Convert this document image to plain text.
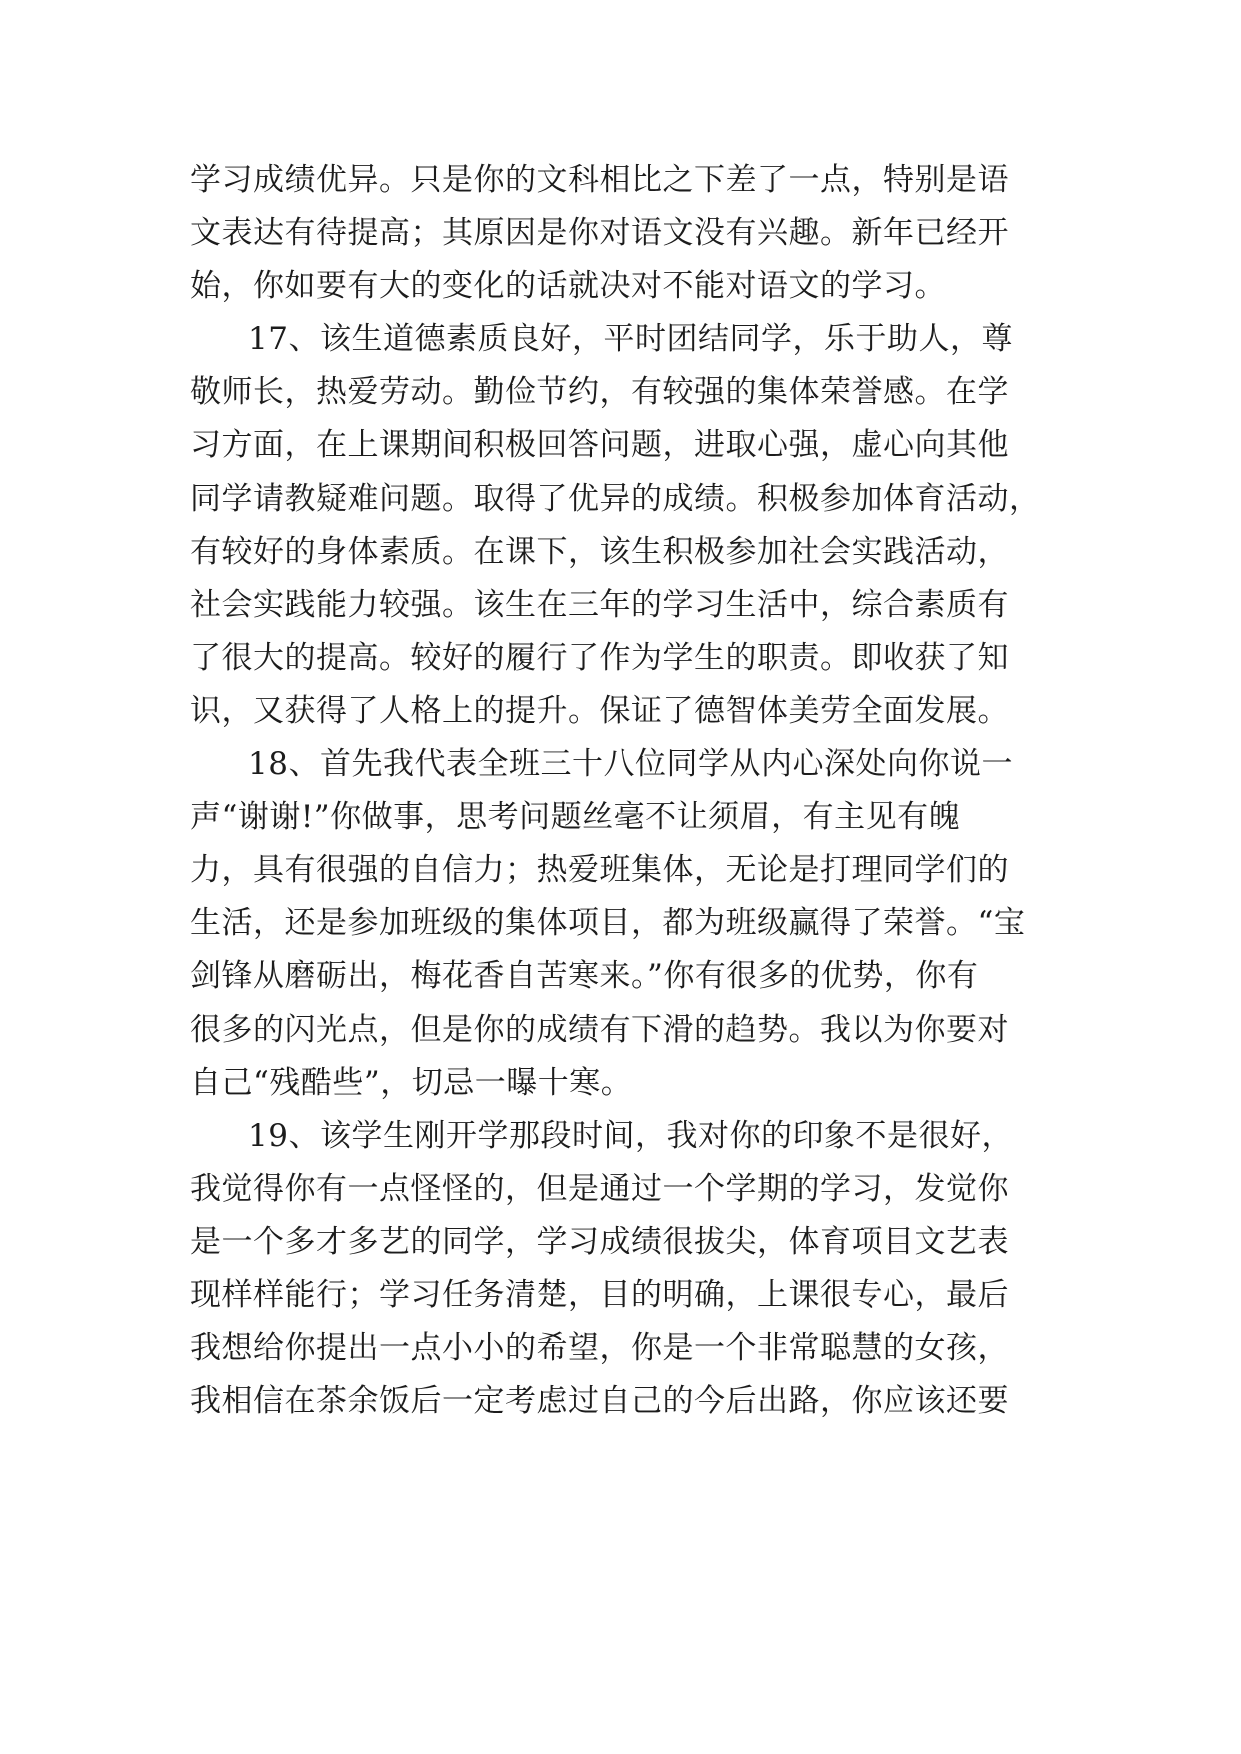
学习成绩优异。只是你的文科相比之下差了一点，特别是语
文表达有待提高；其原因是你对语文没有兴趣。新年已经开
始，你如要有大的变化的话就决对不能对语文的学习。
17、该生道德素质良好，平时团结同学，乐于助人，尊
敬师长，热爱劳动。勤俭节约，有较强的集体荣誉感。在学
习方面，在上课期间积极回答问题，进取心强，虚心向其他
同学请教疑难问题。取得了优异的成绩。积极参加体育活动，
有较好的身体素质。在课下，该生积极参加社会实践活动，
社会实践能力较强。该生在三年的学习生活中，综合素质有
了很大的提高。较好的履行了作为学生的职责。即收获了知
识，又获得了人格上的提升。保证了德智体美劳全面发展。
18、首先我代表全班三十八位同学从内心深处向你说一
声“谢谢!”你做事，思考问题丝毫不让须眉，有主见有魄
力，具有很强的自信力；热爱班集体，无论是打理同学们的
生活，还是参加班级的集体项目，都为班级赢得了荣誉。“宝
剑锋从磨砺出，梅花香自苦寒来。”你有很多的优势，你有
很多的闪光点，但是你的成绩有下滑的趋势。我以为你要对
自己“残酷些”，切忌一曝十寒。
19、该学生刚开学那段时间，我对你的印象不是很好，
我觉得你有一点怪怪的，但是通过一个学期的学习，发觉你
是一个多才多艺的同学，学习成绩很拔尖，体育项目文艺表
现样样能行；学习任务清楚，目的明确，上课很专心，最后
我想给你提出一点小小的希望，你是一个非常聪慧的女孩，
我相信在茶余饭后一定考虑过自己的今后出路，你应该还要
